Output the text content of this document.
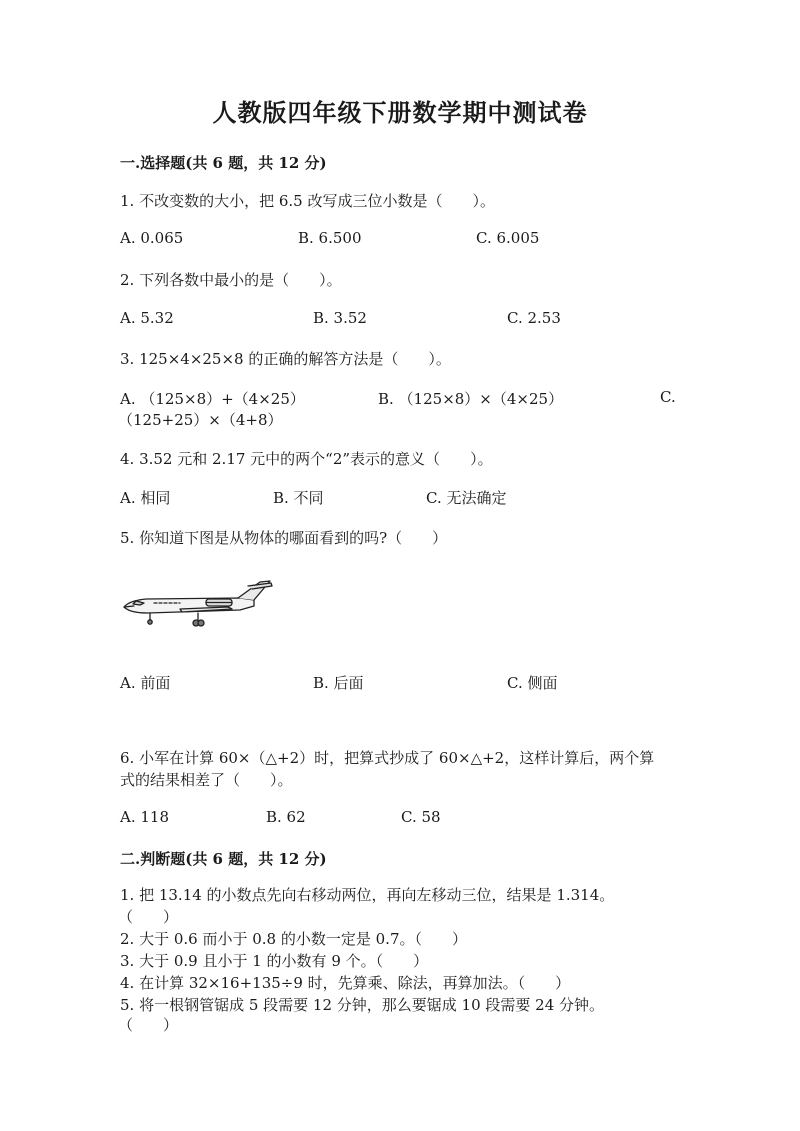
人教版四年级下册数学期中测试卷
一.选择题(共 6 题，共 12 分)
1. 不改变数的大小，把 6.5 改写成三位小数是（　　）。
A. 0.065	B. 6.500	C. 6.005
2. 下列各数中最小的是（　　）。
A. 5.32	B. 3.52	C. 2.53
3. 125×4×25×8 的正确的解答方法是（　　）。
A. （125×8）+（4×25）	B. （125×8）×（4×25）	C.
（125+25）×（4+8）
4. 3.52 元和 2.17 元中的两个“2”表示的意义（　　）。
A. 相同	B. 不同	C. 无法确定
5. 你知道下图是从物体的哪面看到的吗?（　　）
A. 前面	B. 后面	C. 侧面
6. 小军在计算 60×（△+2）时，把算式抄成了 60×△+2，这样计算后，两个算
式的结果相差了（　　）。
A. 118	B. 62	C. 58
二.判断题(共 6 题，共 12 分)
1. 把 13.14 的小数点先向右移动两位，再向左移动三位，结果是 1.314。
（　　）
2. 大于 0.6 而小于 0.8 的小数一定是 0.7。（　　）
3. 大于 0.9 且小于 1 的小数有 9 个。（　　）
4. 在计算 32×16+135÷9 时，先算乘、除法，再算加法。（　　）
5. 将一根钢管锯成 5 段需要 12 分钟，那么要锯成 10 段需要 24 分钟。
（　　）
